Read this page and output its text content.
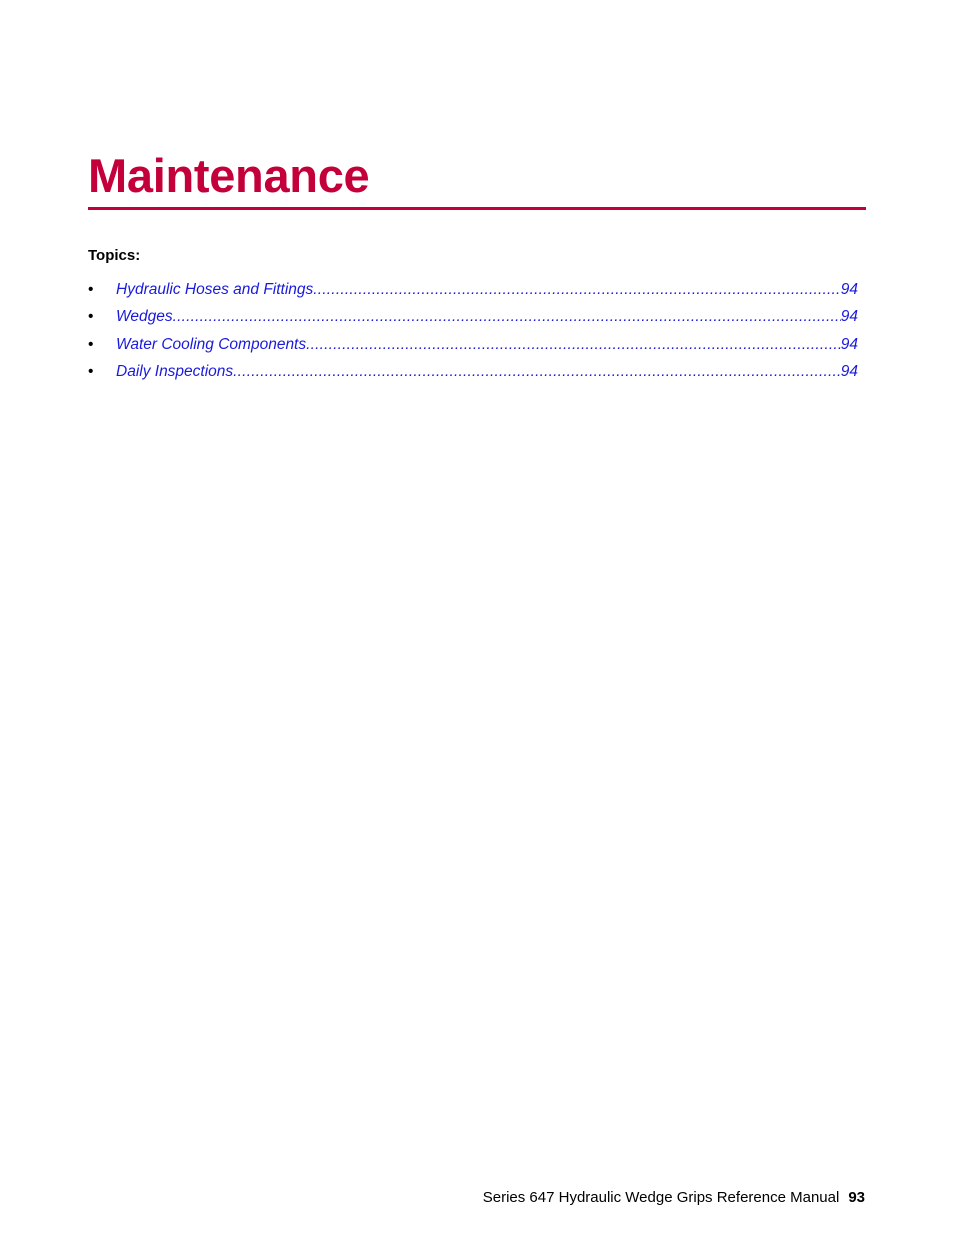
Maintenance
Topics:
• Hydraulic Hoses and Fittings .....	94
• Wedges .....	94
• Water Cooling Components .....	94
• Daily Inspections .....	94
Series 647 Hydraulic Wedge Grips Reference Manual 93
